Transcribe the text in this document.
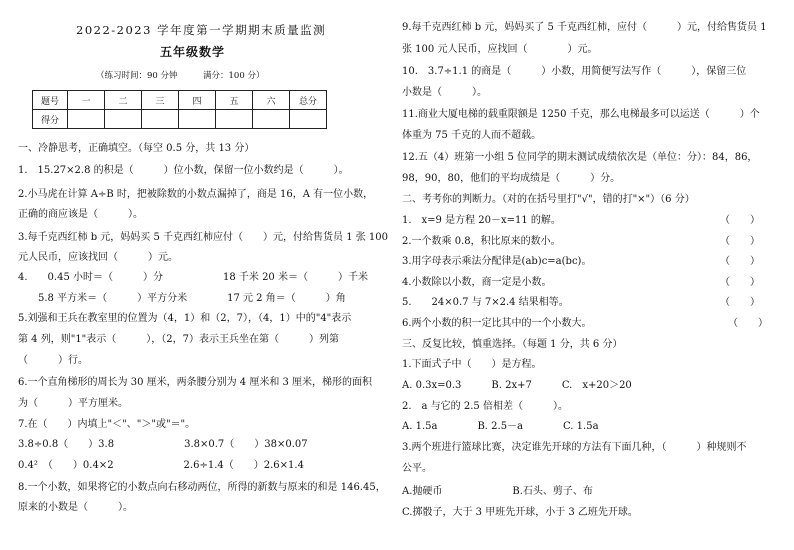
2022-2023 学年度第一学期期末质量监测
五年级数学
（练习时间：90 分钟　　　满分：100 分）
题号	一	二	三	四	五	六	总分
得分							
一、冷静思考，正确填空。（每空 0.5 分，共 13 分）
1.　15.27×2.8 的积是（　　　）位小数，保留一位小数约是（　　　）。
2.小马虎在计算 A÷B 时，把被除数的小数点漏掉了，商是 16，A 有一位小数，
正确的商应该是（　　　）。
3.每千克西红柿 b 元，妈妈买 5 千克西红柿应付（　　）元，付给售货员 1 张 100
元人民币，应该找回（　　　）元。
4.　　0.45 小时＝（　　　）分　　　　　　18 千米 20 米＝（　　　）千米
　　5.8 平方米＝（　　　）平方分米　　　　17 元 2 角＝（　　　）角
5.刘强和王兵在教室里的位置为（4，1）和（2，7），（4，1）中的"4"表示
第 4 列，则"1"表示（　　　），（2，7）表示王兵坐在第（　　　）列第
（　　　）行。
6.一个直角梯形的周长为 30 厘米，两条腰分别为 4 厘米和 3 厘米，梯形的面积
为（　　　）平方厘米。
7.在（　　）内填上"＜"、"＞"或"＝"。
3.8÷0.8（　　）3.8　　　　　　　3.8×0.7（　　）38×0.07
0.4²　（　　）0.4×2　　　　　　　2.6÷1.4（　　）2.6×1.4
8.一个小数，如果将它的小数点向右移动两位，所得的新数与原来的和是 146.45，
原来的小数是（　　　）。
9.每千克西红柿 b 元，妈妈买了 5 千克西红柿，应付（　　　）元，付给售货员 1
张 100 元人民币，应找回（　　　　）元。
10.　3.7÷1.1 的商是（　　　）小数，用简便写法写作（　　　），保留三位
小数是（　　　）。
11.商业大厦电梯的载重限额是 1250 千克，那么电梯最多可以运送（　　　）个
体重为 75 千克的人而不超载。
12.五（4）班第一小组 5 位同学的期末测试成绩依次是（单位：分）：84，86，
98，90，80，他们的平均成绩是（　　　）分。
二、考考你的判断力。（对的在括号里打"√"，错的打"×"）（6 分）
1.　x=9 是方程 20－x=11 的解。	（　　）
2.一个数乘 0.8，积比原来的数小。	（　　）
3.用字母表示乘法分配律是(ab)c=a(bc)。	（　　）
4.小数除以小数，商一定是小数。	（　　）
5.　　24×0.7 与 7×2.4 结果相等。	（　　）
6.两个小数的积一定比其中的一个小数大。	（　　）
三、反复比较，慎重选择。（每题 1 分，共 6 分）
1.下面式子中（　　）是方程。
A. 0.3x=0.3　　　B. 2x+7　　　C.　x+20＞20
2.　a 与它的 2.5 倍相差（　　　）。
A. 1.5a　　　　B. 2.5－a　　　　C. 1.5a
3.两个班进行篮球比赛，决定谁先开球的方法有下面几种，（　　　）种规则不
公平。
A.抛硬币　　　　　　　B.石头、剪子、布
C.掷骰子，大于 3 甲班先开球，小于 3 乙班先开球。
